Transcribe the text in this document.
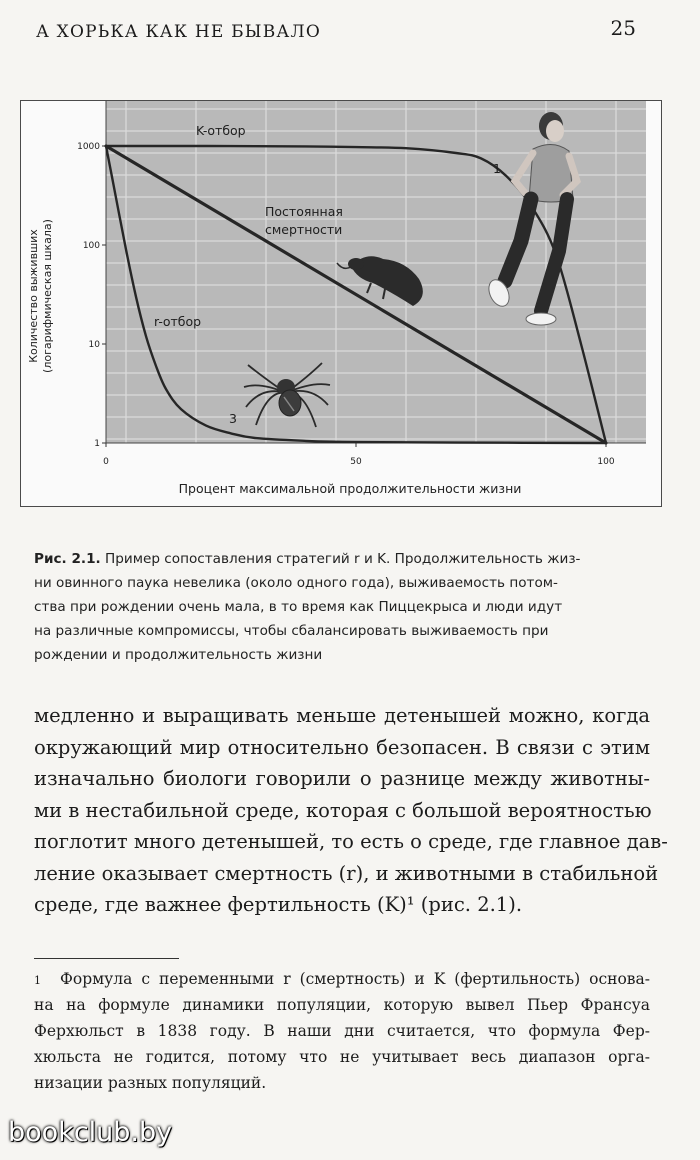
А ХОРЬКА КАК НЕ БЫВАЛО	25
1000
100
10
1
0	50	100
Процент максимальной продолжительности жизни
Количество выживших (логарифмическая шкала)
K-отбор
1
Постоянная
смертности
r-отбор
3
Рис. 2.1. Пример сопоставления стратегий r и K. Продолжительность жиз-
ни овинного паука невелика (около одного года), выживаемость потом-
ства при рождении очень мала, в то время как Пиццекрыса и люди идут
на различные компромиссы, чтобы сбалансировать выживаемость при
рождении и продолжительность жизни
медленно и выращивать меньше детенышей можно, когда
окружающий мир относительно безопасен. В связи с этим
изначально биологи говорили о разнице между животны-
ми в нестабильной среде, которая с большой вероятностью
поглотит много детенышей, то есть о среде, где главное дав-
ление оказывает смертность (r), и животными в стабильной
среде, где важнее фертильность (K)¹ (рис. 2.1).
1	Формула с переменными r (смертность) и K (фертильность) основа-
на на формуле динамики популяции, которую вывел Пьер Франсуа
Ферхюльст в 1838 году. В наши дни считается, что формула Фер-
хюльста не годится, потому что не учитывает весь диапазон орга-
низации разных популяций.
bookclub.by
